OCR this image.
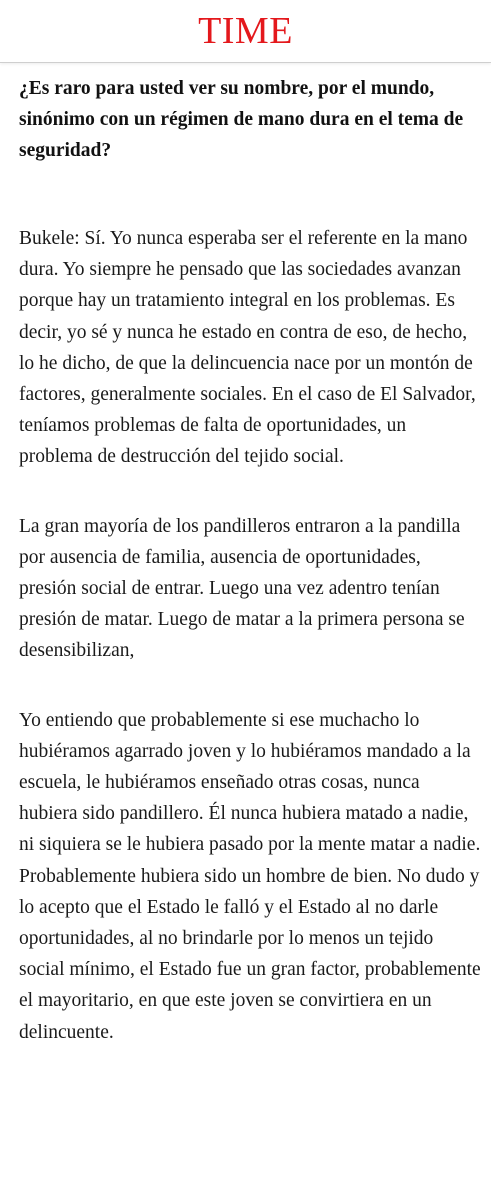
TIME

¿Es raro para usted ver su nombre, por el mundo, sinónimo con un régimen de mano dura en el tema de seguridad?

Bukele: Sí. Yo nunca esperaba ser el referente en la mano dura. Yo siempre he pensado que las sociedades avanzan porque hay un tratamiento integral en los problemas. Es decir, yo sé y nunca he estado en contra de eso, de hecho, lo he dicho, de que la delincuencia nace por un montón de factores, generalmente sociales. En el caso de El Salvador, teníamos problemas de falta de oportunidades, un problema de destrucción del tejido social.

La gran mayoría de los pandilleros entraron a la pandilla por ausencia de familia, ausencia de oportunidades, presión social de entrar. Luego una vez adentro tenían presión de matar. Luego de matar a la primera persona se desensibilizan,

Yo entiendo que probablemente si ese muchacho lo hubiéramos agarrado joven y lo hubiéramos mandado a la escuela, le hubiéramos enseñado otras cosas, nunca hubiera sido pandillero. Él nunca hubiera matado a nadie, ni siquiera se le hubiera pasado por la mente matar a nadie. Probablemente hubiera sido un hombre de bien. No dudo y lo acepto que el Estado le falló y el Estado al no darle oportunidades, al no brindarle por lo menos un tejido social mínimo, el Estado fue un gran factor, probablemente el mayoritario, en que este joven se convirtiera en un delincuente.
